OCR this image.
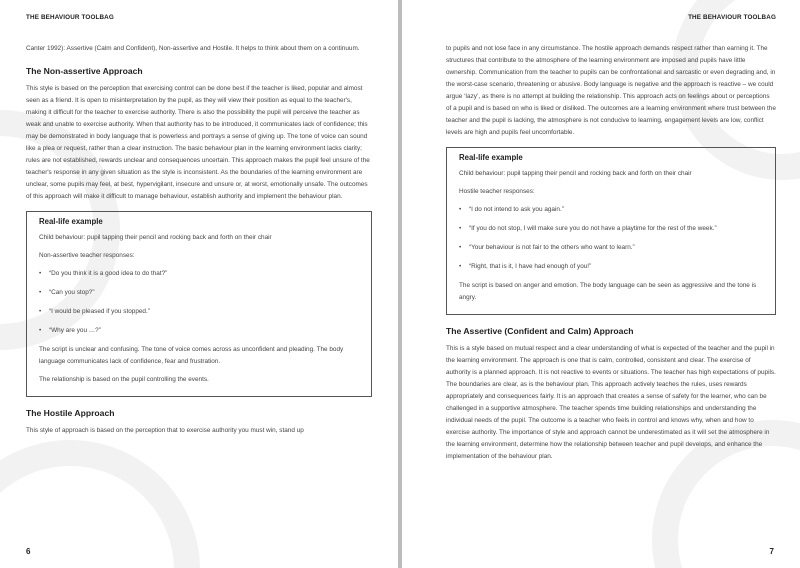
THE BEHAVIOUR TOOLBAG

Canter 1992): Assertive (Calm and Confident), Non-assertive and Hostile. It helps to think about them on a continuum.

The Non-assertive Approach

This style is based on the perception that exercising control can be done best if the teacher is liked, popular and almost seen as a friend. It is open to misinterpretation by the pupil, as they will view their position as equal to the teacher's, making it difficult for the teacher to exercise authority. There is also the possibility the pupil will perceive the teacher as weak and unable to exercise authority. When that authority has to be introduced, it communicates lack of confidence; this may be demonstrated in body language that is powerless and portrays a sense of giving up. The tone of voice can sound like a plea or request, rather than a clear instruction. The basic behaviour plan in the learning environment lacks clarity; rules are not established, rewards unclear and consequences uncertain. This approach makes the pupil feel unsure of the teacher's response in any given situation as the style is inconsistent. As the boundaries of the learning environment are unclear, some pupils may feel, at best, hypervigilant, insecure and unsure or, at worst, emotionally unsafe. The outcomes of this approach will make it difficult to manage behaviour, establish authority and implement the behaviour plan.

Real-life example

Child behaviour: pupil tapping their pencil and rocking back and forth on their chair

Non-assertive teacher responses:

• “Do you think it is a good idea to do that?”
• “Can you stop?”
• “I would be pleased if you stopped.”
• “Why are you …?”

The script is unclear and confusing. The tone of voice comes across as unconfident and pleading. The body language communicates lack of confidence, fear and frustration.

The relationship is based on the pupil controlling the events.

The Hostile Approach

This style of approach is based on the perception that to exercise authority you must win, stand up

6
THE BEHAVIOUR TOOLBAG

to pupils and not lose face in any circumstance. The hostile approach demands respect rather than earning it. The structures that contribute to the atmosphere of the learning environment are imposed and pupils have little ownership. Communication from the teacher to pupils can be confrontational and sarcastic or even degrading and, in the worst-case scenario, threatening or abusive. Body language is negative and the approach is reactive – we could argue ‘lazy’, as there is no attempt at building the relationship. This approach acts on feelings about or perceptions of a pupil and is based on who is liked or disliked. The outcomes are a learning environment where trust between the teacher and the pupil is lacking, the atmosphere is not conducive to learning, engagement levels are low, conflict levels are high and pupils feel uncomfortable.

Real-life example

Child behaviour: pupil tapping their pencil and rocking back and forth on their chair

Hostile teacher responses:

• “I do not intend to ask you again.”
• “If you do not stop, I will make sure you do not have a playtime for the rest of the week.”
• “Your behaviour is not fair to the others who want to learn.”
• “Right, that is it, I have had enough of you!”

The script is based on anger and emotion. The body language can be seen as aggressive and the tone is angry.

The Assertive (Confident and Calm) Approach

This is a style based on mutual respect and a clear understanding of what is expected of the teacher and the pupil in the learning environment. The approach is one that is calm, controlled, consistent and clear. The exercise of authority is a planned approach. It is not reactive to events or situations. The teacher has high expectations of pupils. The boundaries are clear, as is the behaviour plan. This approach actively teaches the rules, uses rewards appropriately and consequences fairly. It is an approach that creates a sense of safety for the learner, who can be challenged in a supportive atmosphere. The teacher spends time building relationships and understanding the individual needs of the pupil. The outcome is a teacher who feels in control and knows why, when and how to exercise authority. The importance of style and approach cannot be underestimated as it will set the atmosphere in the learning environment, determine how the relationship between teacher and pupil develops, and enhance the implementation of the behaviour plan.

7
